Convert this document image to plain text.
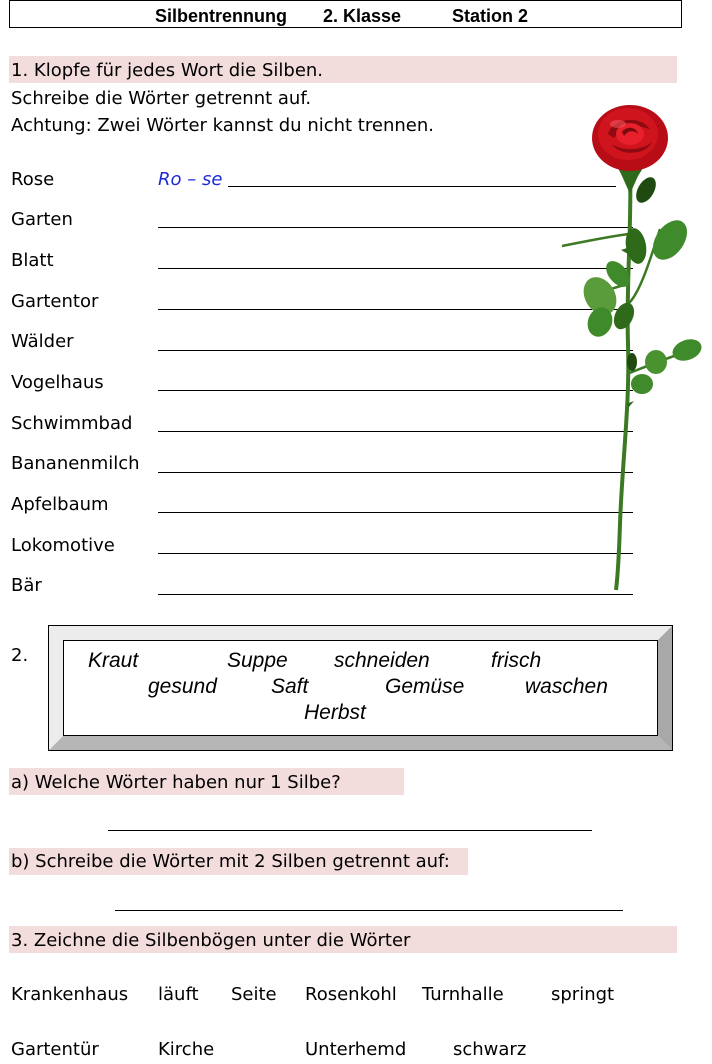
Silbentrennung 2. Klasse	Station 2
1. Klopfe für jedes Wort die Silben.
Schreibe die Wörter getrennt auf.
Achtung: Zwei Wörter kannst du nicht trennen.
Rose	Ro – se
Garten
Blatt
Gartentor
Wälder
Vogelhaus
Schwimmbad
Bananenmilch
Apfelbaum
Lokomotive
Bär
2.	Kraut	Suppe schneiden	frisch
gesund	Saft	Gemüse	waschen
Herbst
a) Welche Wörter haben nur 1 Silbe?
b) Schreibe die Wörter mit 2 Silben getrennt auf:
3. Zeichne die Silbenbögen unter die Wörter
Krankenhaus läuft Seite Rosenkohl Turnhalle	springt
Gartentür	Kirche	Unterhemd	schwarz
